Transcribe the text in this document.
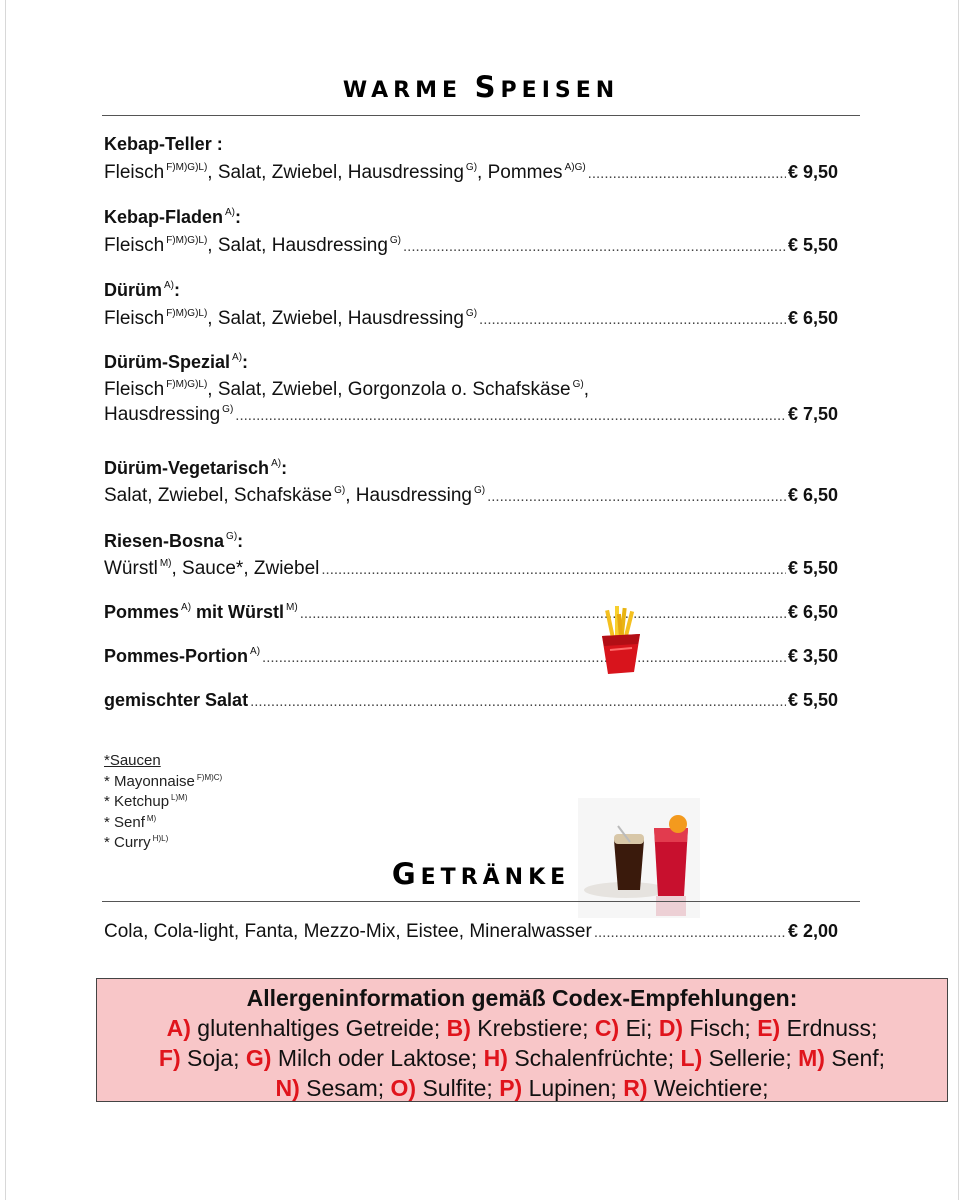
WARME SPEISEN
Kebap-Teller :
Fleisch $^{F)M)G)L)}$, Salat, Zwiebel, Hausdressing $^{G)}$, Pommes $^{A)G)}$ .....	€ 9,50
Kebap-Fladen $^{A)}$:
Fleisch $^{F)M)G)L)}$, Salat, Hausdressing $^{G)}$ .....	€ 5,50
Dürüm $^{A)}$:
Fleisch $^{F)M)G)L)}$, Salat, Zwiebel, Hausdressing $^{G)}$ .....	€ 6,50
Dürüm-Spezial $^{A)}$:
Fleisch $^{F)M)G)L)}$, Salat, Zwiebel, Gorgonzola o. Schafskäse $^{G)}$,
Hausdressing $^{G)}$ .....	€ 7,50
Dürüm-Vegetarisch $^{A)}$:
Salat, Zwiebel, Schafskäse $^{G)}$, Hausdressing $^{G)}$ .....	€ 6,50
Riesen-Bosna $^{G)}$:
Würstl $^{M)}$, Sauce*, Zwiebel .....	€ 5,50
Pommes $^{A)}$ mit Würstl $^{M)}$ .....	€ 6,50
Pommes-Portion $^{A)}$ .....	€ 3,50
gemischter Salat .....	€ 5,50
*Saucen
* Mayonnaise $^{F)M)C)}$
* Ketchup $^{L)M)}$
* Senf $^{M)}$
* Curry $^{H)L)}$
GETRÄNKE
Cola, Cola-light, Fanta, Mezzo-Mix, Eistee, Mineralwasser .....	€ 2,00
Allergeninformation gemäß Codex-Empfehlungen:
A) glutenhaltiges Getreide; B) Krebstiere; C) Ei; D) Fisch; E) Erdnuss;
F) Soja; G) Milch oder Laktose; H) Schalenfrüchte; L) Sellerie; M) Senf;
N) Sesam; O) Sulfite; P) Lupinen; R) Weichtiere;
